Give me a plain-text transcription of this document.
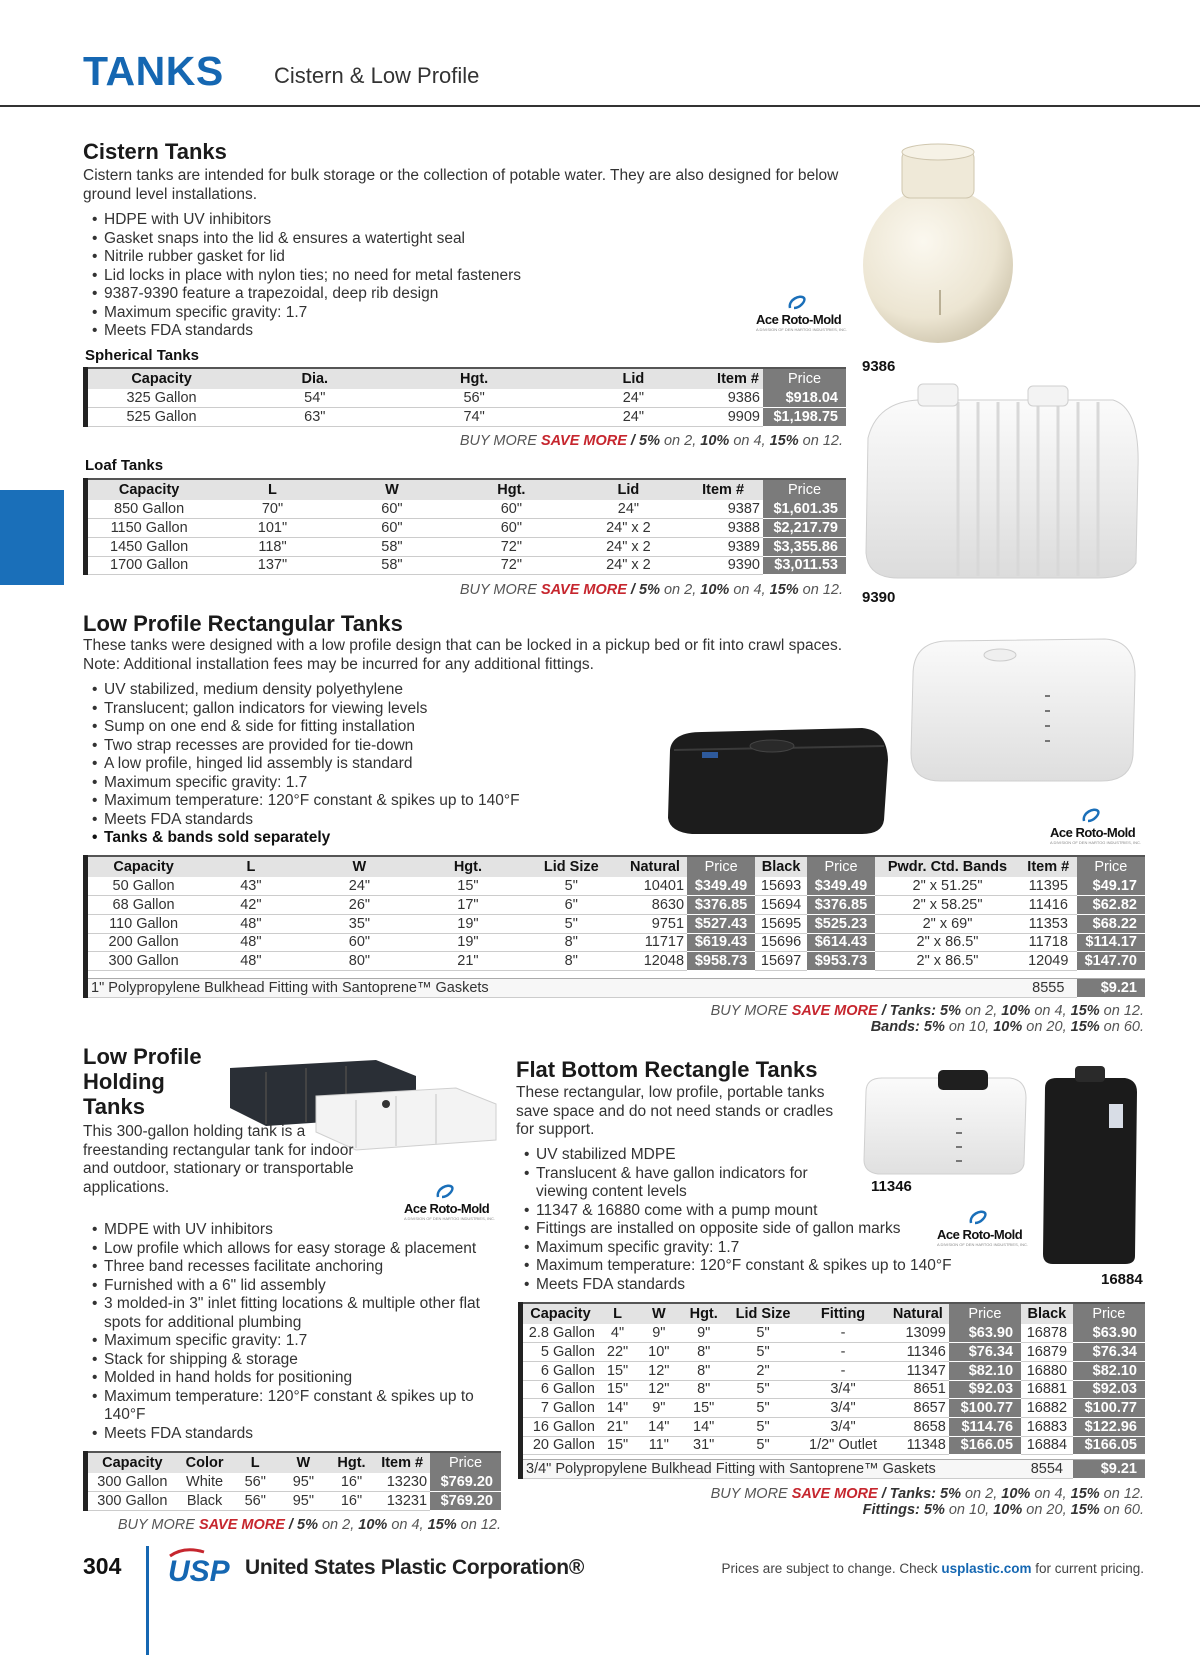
TANKS Cistern & Low Profile
Cistern Tanks
Cistern tanks are intended for bulk storage or the collection of potable water. They are also designed for below ground level installations.
• HDPE with UV inhibitors
• Gasket snaps into the lid & ensures a watertight seal
• Nitrile rubber gasket for lid
• Lid locks in place with nylon ties; no need for metal fasteners
• 9387-9390 feature a trapezoidal, deep rib design
• Maximum specific gravity: 1.7
• Meets FDA standards
Ace Roto-Mold
A DIVISION OF DEN HARTOG INDUSTRIES, INC.
9386
9390
Spherical Tanks
Capacity	Dia.	Hgt.	Lid	Item #	Price
325 Gallon	54"	56"	24"	9386	$918.04
525 Gallon	63"	74"	24"	9909	$1,198.75
BUY MORE SAVE MORE / 5% on 2, 10% on 4, 15% on 12.
Loaf Tanks
Capacity	L	W	Hgt.	Lid	Item #	Price
850 Gallon	70"	60"	60"	24"	9387	$1,601.35
1150 Gallon	101"	60"	60"	24" x 2	9388	$2,217.79
1450 Gallon	118"	58"	72"	24" x 2	9389	$3,355.86
1700 Gallon	137"	58"	72"	24" x 2	9390	$3,011.53
BUY MORE SAVE MORE / 5% on 2, 10% on 4, 15% on 12.
Low Profile Rectangular Tanks
These tanks were designed with a low profile design that can be locked in a pickup bed or fit into crawl spaces. Note: Additional installation fees may be incurred for any additional fittings.
• UV stabilized, medium density polyethylene
• Translucent; gallon indicators for viewing levels
• Sump on one end & side for fitting installation
• Two strap recesses are provided for tie-down
• A low profile, hinged lid assembly is standard
• Maximum specific gravity: 1.7
• Maximum temperature: 120°F constant & spikes up to 140°F
• Meets FDA standards
• Tanks & bands sold separately	Ace Roto-Mold
A DIVISION OF DEN HARTOG INDUSTRIES, INC.
Capacity	L	W	Hgt.	Lid Size	Natural	Price	Black	Price	Pwdr. Ctd. Bands	Item #	Price
50 Gallon	43"	24"	15"	5"	10401	$349.49	15693	$349.49	2" x 51.25"	11395	$49.17
68 Gallon	42"	26"	17"	6"	8630	$376.85	15694	$376.85	2" x 58.25"	11416	$62.82
110 Gallon	48"	35"	19"	5"	9751	$527.43	15695	$525.23	2" x 69"	11353	$68.22
200 Gallon	48"	60"	19"	8"	11717	$619.43	15696	$614.43	2" x 86.5"	11718	$114.17
300 Gallon	48"	80"	21"	8"	12048	$958.73	15697	$953.73	2" x 86.5"	12049	$147.70

1" Polypropylene Bulkhead Fitting with Santoprene™ Gaskets										8555	$9.21
BUY MORE SAVE MORE / Tanks: 5% on 2, 10% on 4, 15% on 12.
Bands: 5% on 10, 10% on 20, 15% on 60.
Low Profile
Holding
Tanks
This 300-gallon holding tank is a freestanding rectangular tank for indoor and outdoor, stationary or transportable applications.
Ace Roto-Mold
A DIVISION OF DEN HARTOG INDUSTRIES, INC.
• MDPE with UV inhibitors
• Low profile which allows for easy storage & placement
• Three band recesses facilitate anchoring
• Furnished with a 6" lid assembly
• 3 molded-in 3" inlet fitting locations & multiple other flat spots for additional plumbing
• Maximum specific gravity: 1.7
• Stack for shipping & storage
• Molded in hand holds for positioning
• Maximum temperature: 120°F constant & spikes up to 140°F
• Meets FDA standards
Capacity	Color	L	W	Hgt.	Item #	Price
300 Gallon	White	56"	95"	16"	13230	$769.20
300 Gallon	Black	56"	95"	16"	13231	$769.20
BUY MORE SAVE MORE / 5% on 2, 10% on 4, 15% on 12.
Flat Bottom Rectangle Tanks
These rectangular, low profile, portable tanks save space and do not need stands or cradles for support.
• UV stabilized MDPE
• Translucent & have gallon indicators for viewing content levels
• 11347 & 16880 come with a pump mount
• Fittings are installed on opposite side of gallon marks
• Maximum specific gravity: 1.7
• Maximum temperature: 120°F constant & spikes up to 140°F
• Meets FDA standards
11346
16884
Ace Roto-Mold
A DIVISION OF DEN HARTOG INDUSTRIES, INC.
Capacity	L	W	Hgt.	Lid Size	Fitting	Natural	Price	Black	Price
2.8 Gallon	4"	9"	9"	5"	-	13099	$63.90	16878	$63.90
5 Gallon	22"	10"	8"	5"	-	11346	$76.34	16879	$76.34
6 Gallon	15"	12"	8"	2"	-	11347	$82.10	16880	$82.10
6 Gallon	15"	12"	8"	5"	3/4"	8651	$92.03	16881	$92.03
7 Gallon	14"	9"	15"	5"	3/4"	8657	$100.77	16882	$100.77
16 Gallon	21"	14"	14"	5"	3/4"	8658	$114.76	16883	$122.96
20 Gallon	15"	11"	31"	5"	1/2" Outlet	11348	$166.05	16884	$166.05

3/4" Polypropylene Bulkhead Fitting with Santoprene™ Gaskets								8554	$9.21
BUY MORE SAVE MORE / Tanks: 5% on 2, 10% on 4, 15% on 12.
Fittings: 5% on 10, 10% on 20, 15% on 60.
304 USP United States Plastic Corporation®	Prices are subject to change. Check usplastic.com for current pricing.
